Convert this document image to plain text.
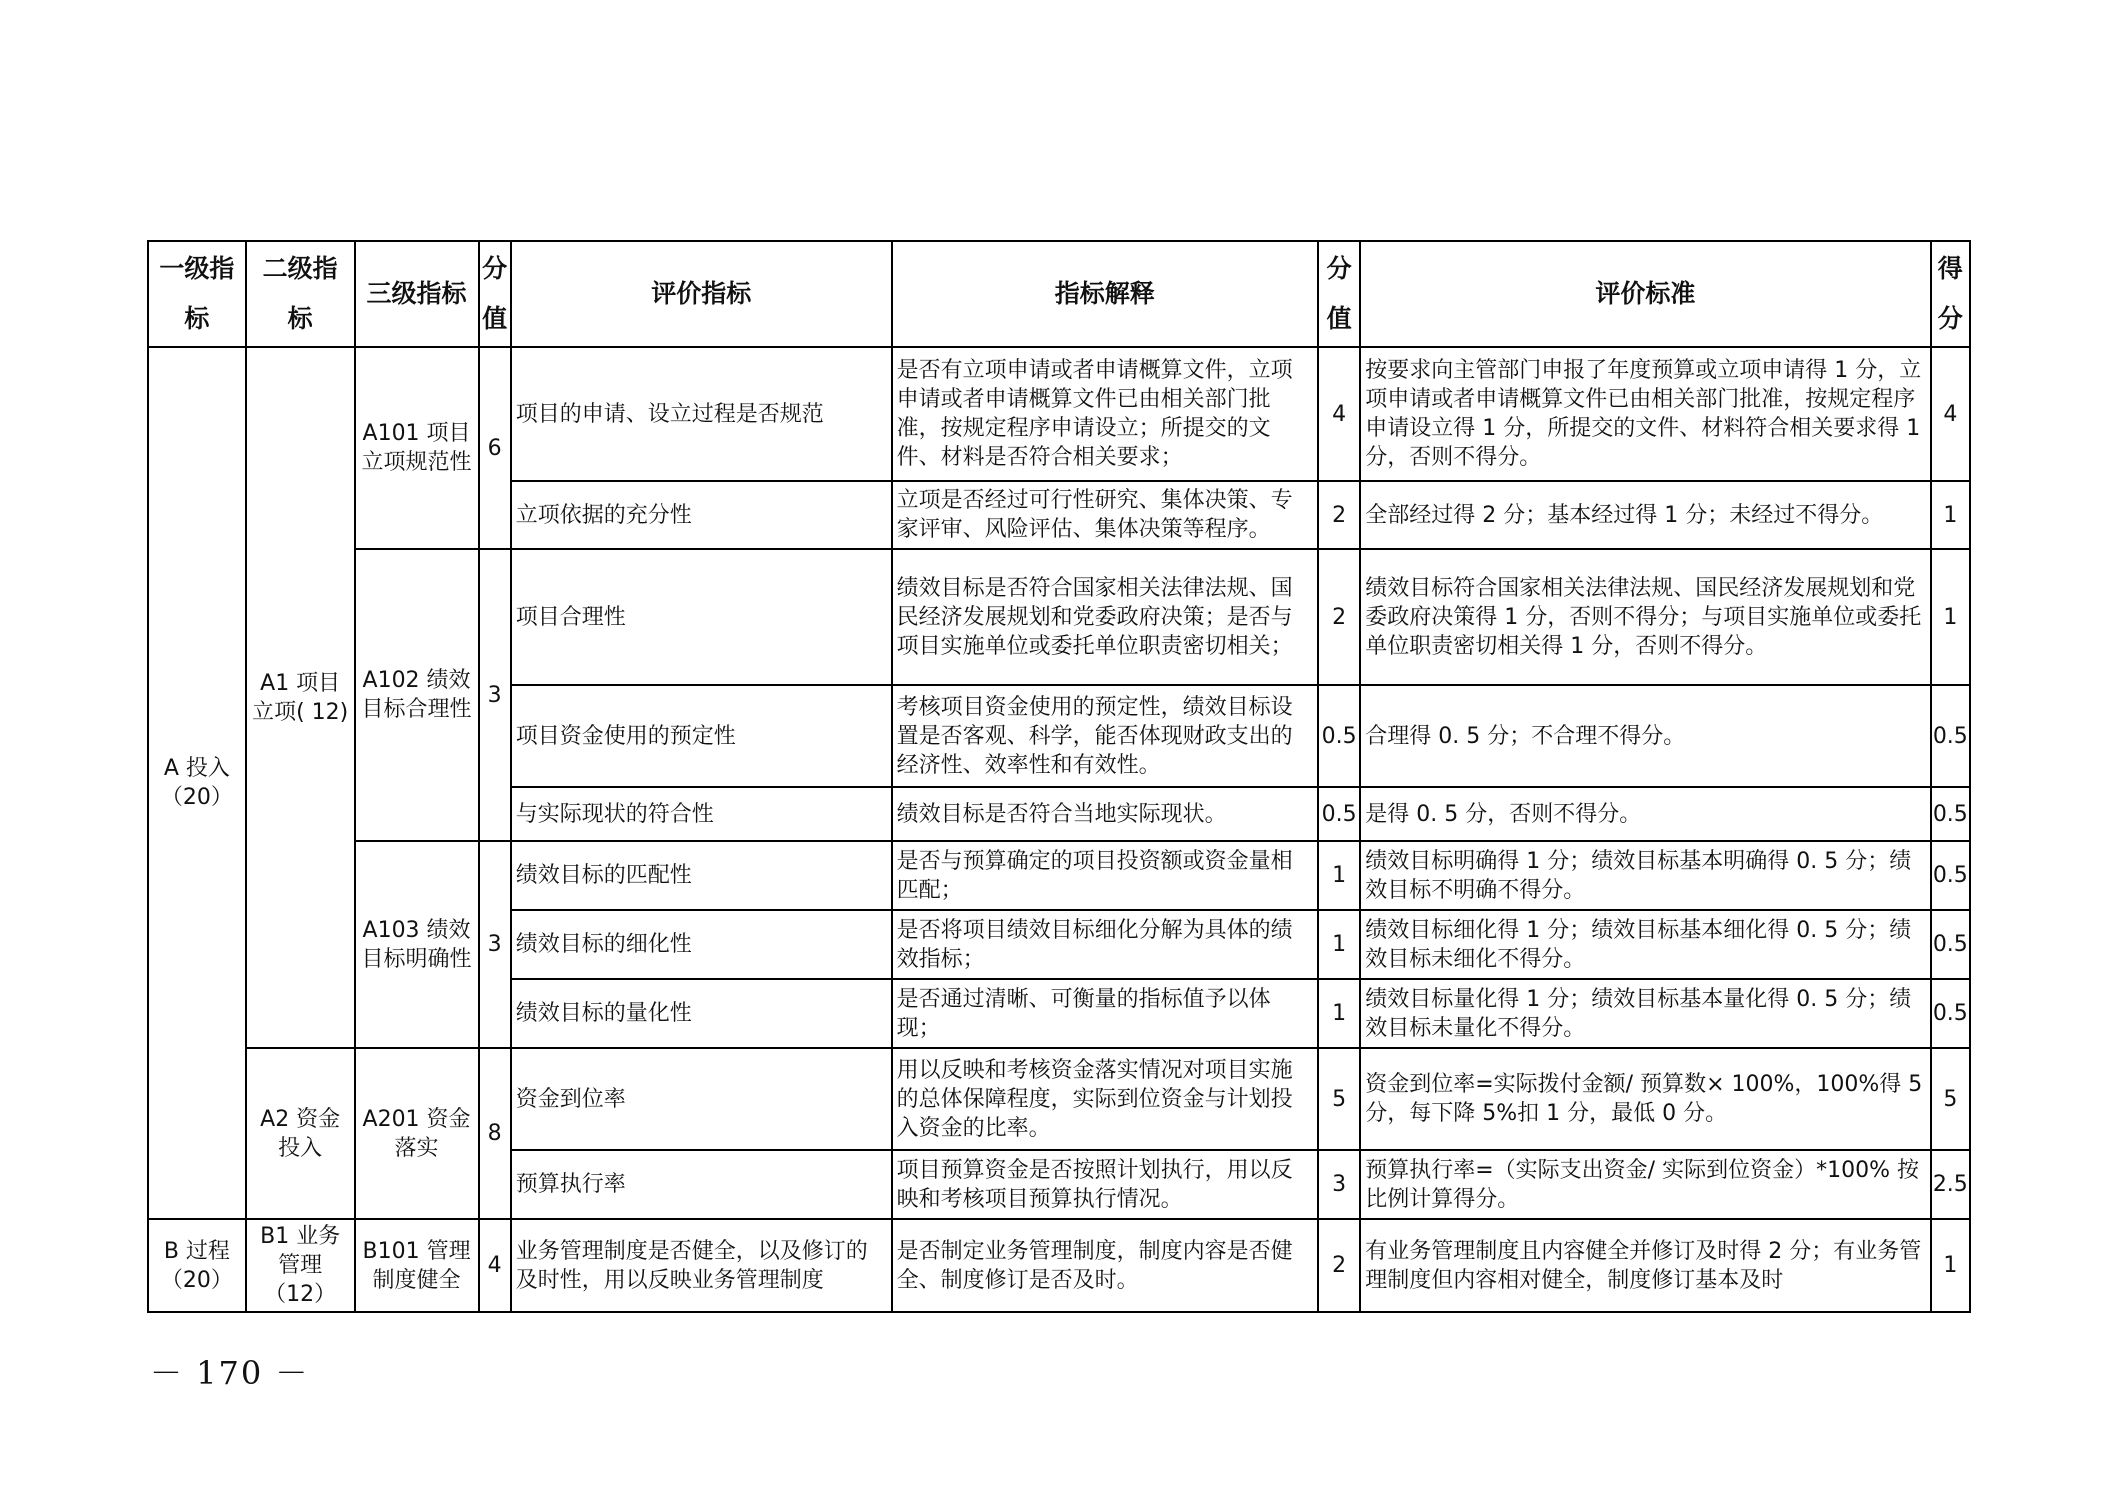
一级指标	二级指标	三级指标	分值	评价指标	指标解释	分值	评价标准	得分
A 投入（20）	A1 项目立项( 12)	A101 项目立项规范性	6	项目的申请、设立过程是否规范	是否有立项申请或者申请概算文件，立项申请或者申请概算文件已由相关部门批准，按规定程序申请设立；所提交的文件、材料是否符合相关要求；	4	按要求向主管部门申报了年度预算或立项申请得 1 分，立项申请或者申请概算文件已由相关部门批准，按规定程序申请设立得 1 分，所提交的文件、材料符合相关要求得 1 分，否则不得分。	4
				立项依据的充分性	立项是否经过可行性研究、集体决策、专家评审、风险评估、集体决策等程序。	2	全部经过得 2 分；基本经过得 1 分；未经过不得分。	1
		A102 绩效目标合理性	3	项目合理性	绩效目标是否符合国家相关法律法规、国民经济发展规划和党委政府决策；是否与项目实施单位或委托单位职责密切相关；	2	绩效目标符合国家相关法律法规、国民经济发展规划和党委政府决策得 1 分，否则不得分；与项目实施单位或委托单位职责密切相关得 1 分，否则不得分。	1
				项目资金使用的预定性	考核项目资金使用的预定性，绩效目标设置是否客观、科学，能否体现财政支出的经济性、效率性和有效性。	0.5	合理得 0. 5 分；不合理不得分。	0.5
				与实际现状的符合性	绩效目标是否符合当地实际现状。	0.5	是得 0. 5 分，否则不得分。	0.5
		A103 绩效目标明确性	3	绩效目标的匹配性	是否与预算确定的项目投资额或资金量相匹配；	1	绩效目标明确得 1 分；绩效目标基本明确得 0. 5 分；绩效目标不明确不得分。	0.5
				绩效目标的细化性	是否将项目绩效目标细化分解为具体的绩效指标；	1	绩效目标细化得 1 分；绩效目标基本细化得 0. 5 分；绩效目标未细化不得分。	0.5
				绩效目标的量化性	是否通过清晰、可衡量的指标值予以体现；	1	绩效目标量化得 1 分；绩效目标基本量化得 0. 5 分；绩效目标未量化不得分。	0.5
	A2 资金投入	A201 资金落实	8	资金到位率	用以反映和考核资金落实情况对项目实施的总体保障程度，实际到位资金与计划投入资金的比率。	5	资金到位率=实际拨付金额/ 预算数× 100%，100%得 5 分，每下降 5%扣 1 分，最低 0 分。	5
				预算执行率	项目预算资金是否按照计划执行，用以反映和考核项目预算执行情况。	3	预算执行率=（实际支出资金/ 实际到位资金）*100% 按比例计算得分。	2.5
B 过程（20）	B1 业务管理（12）	B101 管理制度健全	4	业务管理制度是否健全，以及修订的及时性，用以反映业务管理制度	是否制定业务管理制度，制度内容是否健全、制度修订是否及时。	2	有业务管理制度且内容健全并修订及时得 2 分；有业务管理制度但内容相对健全，制度修订基本及时	1
－ 170 －
